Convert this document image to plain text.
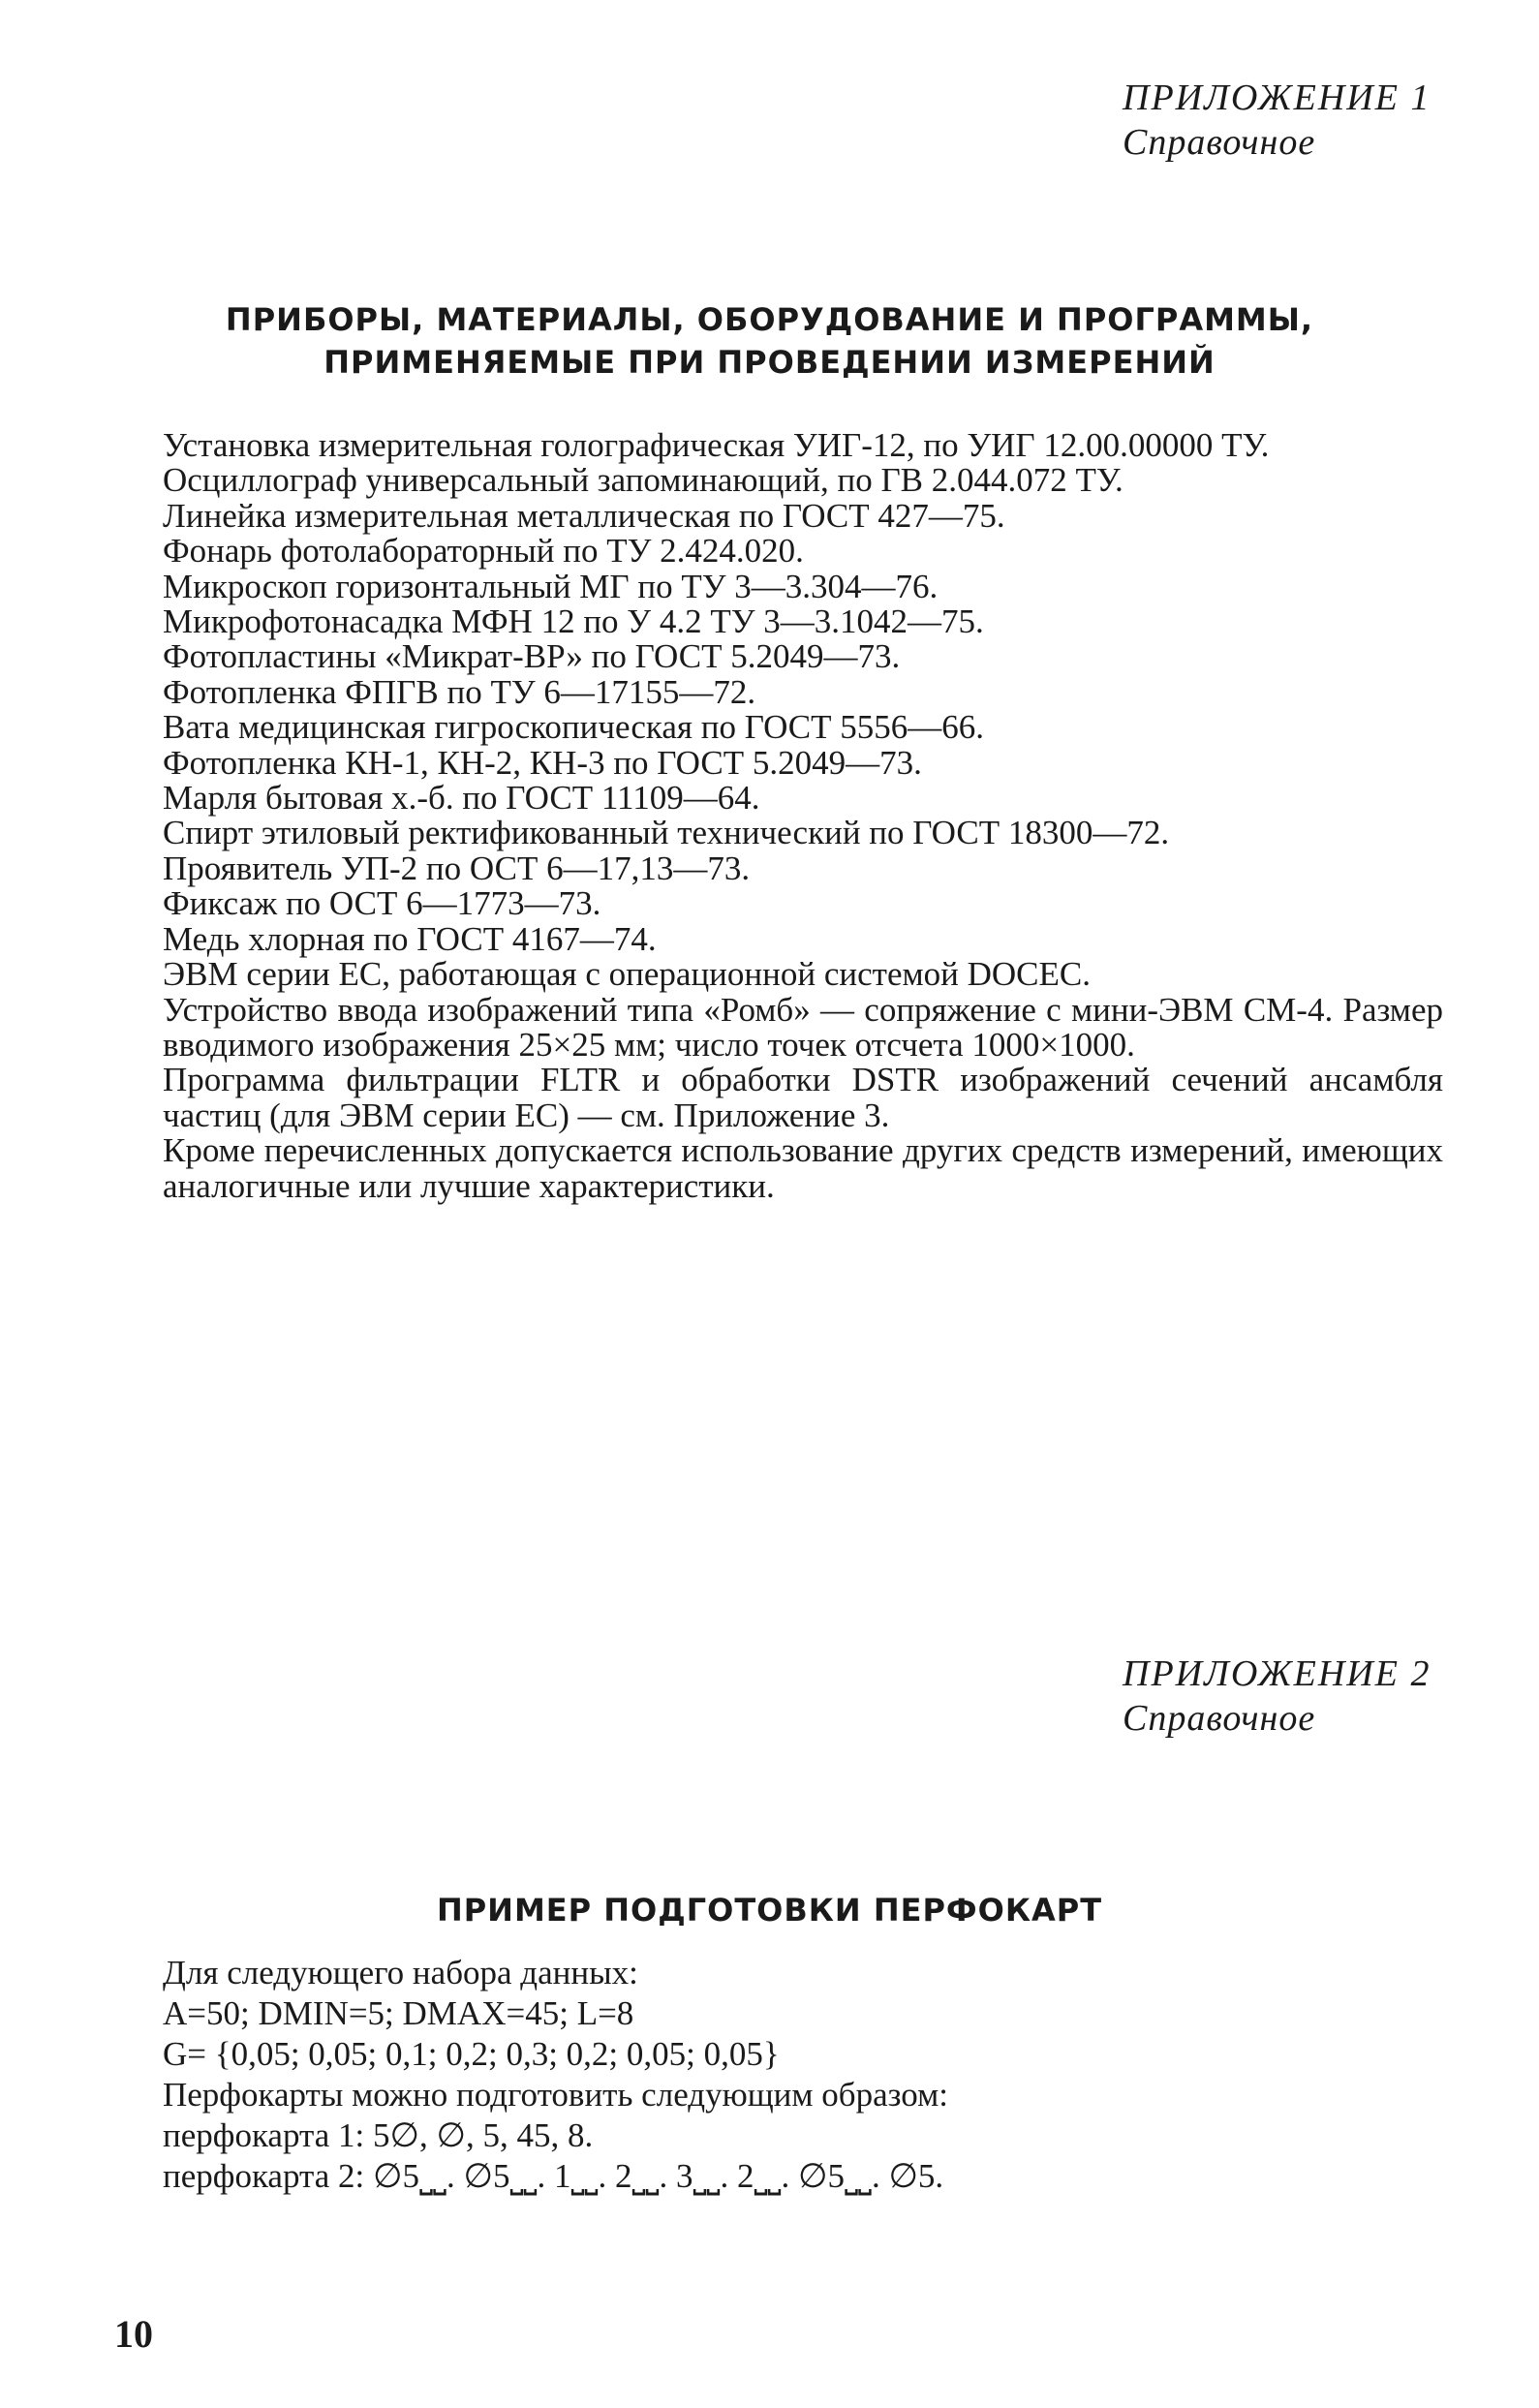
ПРИЛОЖЕНИЕ 1
Справочное
ПРИБОРЫ, МАТЕРИАЛЫ, ОБОРУДОВАНИЕ И ПРОГРАММЫ,
ПРИМЕНЯЕМЫЕ ПРИ ПРОВЕДЕНИИ ИЗМЕРЕНИЙ
Установка измерительная голографическая УИГ-12, по УИГ 12.00.00000 ТУ.
Осциллограф универсальный запоминающий, по ГВ 2.044.072 ТУ.
Линейка измерительная металлическая по ГОСТ 427—75.
Фонарь фотолабораторный по ТУ 2.424.020.
Микроскоп горизонтальный МГ по ТУ 3—3.304—76.
Микрофотонасадка МФН 12 по У 4.2 ТУ 3—3.1042—75.
Фотопластины «Микрат-ВР» по ГОСТ 5.2049—73.
Фотопленка ФПГВ по ТУ 6—17155—72.
Вата медицинская гигроскопическая по ГОСТ 5556—66.
Фотопленка КН-1, КН-2, КН-3 по ГОСТ 5.2049—73.
Марля бытовая х.-б. по ГОСТ 11109—64.
Спирт этиловый ректификованный технический по ГОСТ 18300—72.
Проявитель УП-2 по ОСТ 6—17,13—73.
Фиксаж по ОСТ 6—1773—73.
Медь хлорная по ГОСТ 4167—74.
ЭВМ серии ЕС, работающая с операционной системой DOCEC.
Устройство ввода изображений типа «Ромб» — сопряжение с мини-ЭВМ СМ-4. Размер вводимого изображения 25×25 мм; число точек отсчета 1000×1000.
Программа фильтрации FLTR и обработки DSTR изображений сечений ансамбля частиц (для ЭВМ серии ЕС) — см. Приложение 3.
Кроме перечисленных допускается использование других средств измерений, имеющих аналогичные или лучшие характеристики.
ПРИЛОЖЕНИЕ 2
Справочное
ПРИМЕР ПОДГОТОВКИ ПЕРФОКАРТ
Для следующего набора данных:
A=50; DMIN=5; DMAX=45; L=8
G= {0,05; 0,05; 0,1; 0,2; 0,3; 0,2; 0,05; 0,05}
Перфокарты можно подготовить следующим образом:
перфокарта 1: 5∅, ∅, 5, 45, 8.
перфокарта 2: ∅5⎵⎵. ∅5⎵⎵. 1⎵⎵. 2⎵⎵. 3⎵⎵. 2⎵⎵. ∅5⎵⎵. ∅5.
10
